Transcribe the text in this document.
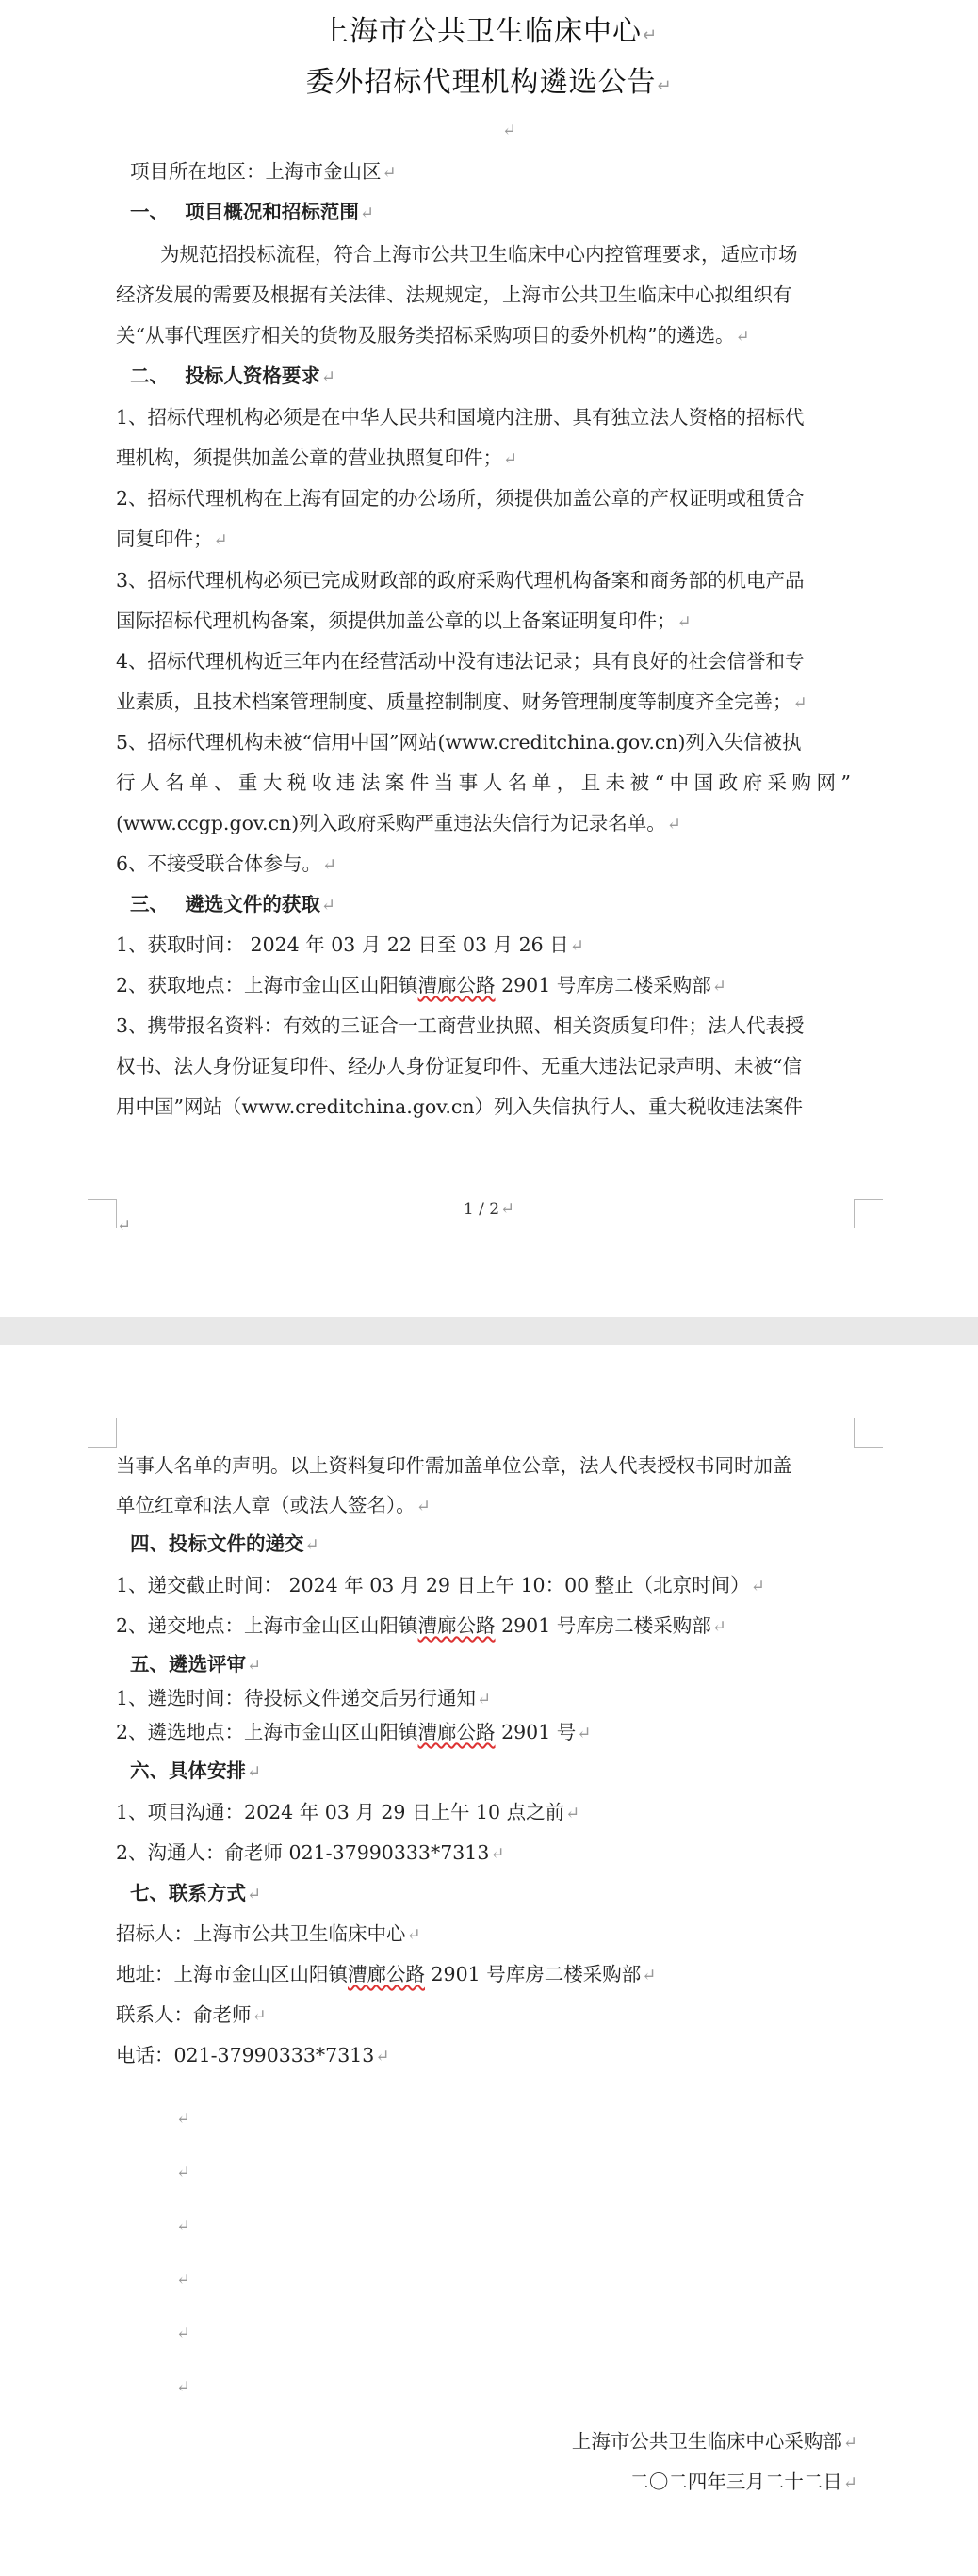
上海市公共卫生临床中心↵
委外招标代理机构遴选公告↵
↵
项目所在地区：上海市金山区↵
一、　 项目概况和招标范围↵
为规范招投标流程，符合上海市公共卫生临床中心内控管理要求，适应市场
经济发展的需要及根据有关法律、法规规定，上海市公共卫生临床中心拟组织有
关“从事代理医疗相关的货物及服务类招标采购项目的委外机构”的遴选。↵
二、　 投标人资格要求↵
1、招标代理机构必须是在中华人民共和国境内注册、具有独立法人资格的招标代
理机构，须提供加盖公章的营业执照复印件；↵
2、招标代理机构在上海有固定的办公场所，须提供加盖公章的产权证明或租赁合
同复印件；↵
3、招标代理机构必须已完成财政部的政府采购代理机构备案和商务部的机电产品
国际招标代理机构备案，须提供加盖公章的以上备案证明复印件；↵
4、招标代理机构近三年内在经营活动中没有违法记录；具有良好的社会信誉和专
业素质，且技术档案管理制度、质量控制制度、财务管理制度等制度齐全完善；↵
5、招标代理机构未被“信用中国”网站(www.creditchina.gov.cn)列入失信被执
行人名单、重大税收违法案件当事人名单，且未被“中国政府采购网”
(www.ccgp.gov.cn)列入政府采购严重违法失信行为记录名单。↵
6、不接受联合体参与。↵
三、　 遴选文件的获取↵
1、获取时间： 2024 年 03 月 22 日至 03 月 26 日↵
2、获取地点：上海市金山区山阳镇漕廊公路 2901 号库房二楼采购部↵
3、携带报名资料：有效的三证合一工商营业执照、相关资质复印件；法人代表授
权书、法人身份证复印件、经办人身份证复印件、无重大违法记录声明、未被“信
用中国”网站（www.creditchina.gov.cn）列入失信执行人、重大税收违法案件
↵
1 / 2↵
当事人名单的声明。以上资料复印件需加盖单位公章，法人代表授权书同时加盖
单位红章和法人章（或法人签名）。↵
四、投标文件的递交↵
1、递交截止时间： 2024 年 03 月 29 日上午 10：00 整止（北京时间）↵
2、递交地点：上海市金山区山阳镇漕廊公路 2901 号库房二楼采购部↵
五、遴选评审↵
1、遴选时间：待投标文件递交后另行通知↵
2、遴选地点：上海市金山区山阳镇漕廊公路 2901 号↵
六、具体安排↵
1、项目沟通：2024 年 03 月 29 日上午 10 点之前↵
2、沟通人：俞老师 021-37990333*7313↵
七、联系方式↵
招标人：上海市公共卫生临床中心↵
地址：上海市金山区山阳镇漕廊公路 2901 号库房二楼采购部↵
联系人：俞老师↵
电话：021-37990333*7313↵
↵
↵
↵
↵
↵
↵
上海市公共卫生临床中心采购部↵
二〇二四年三月二十二日↵
